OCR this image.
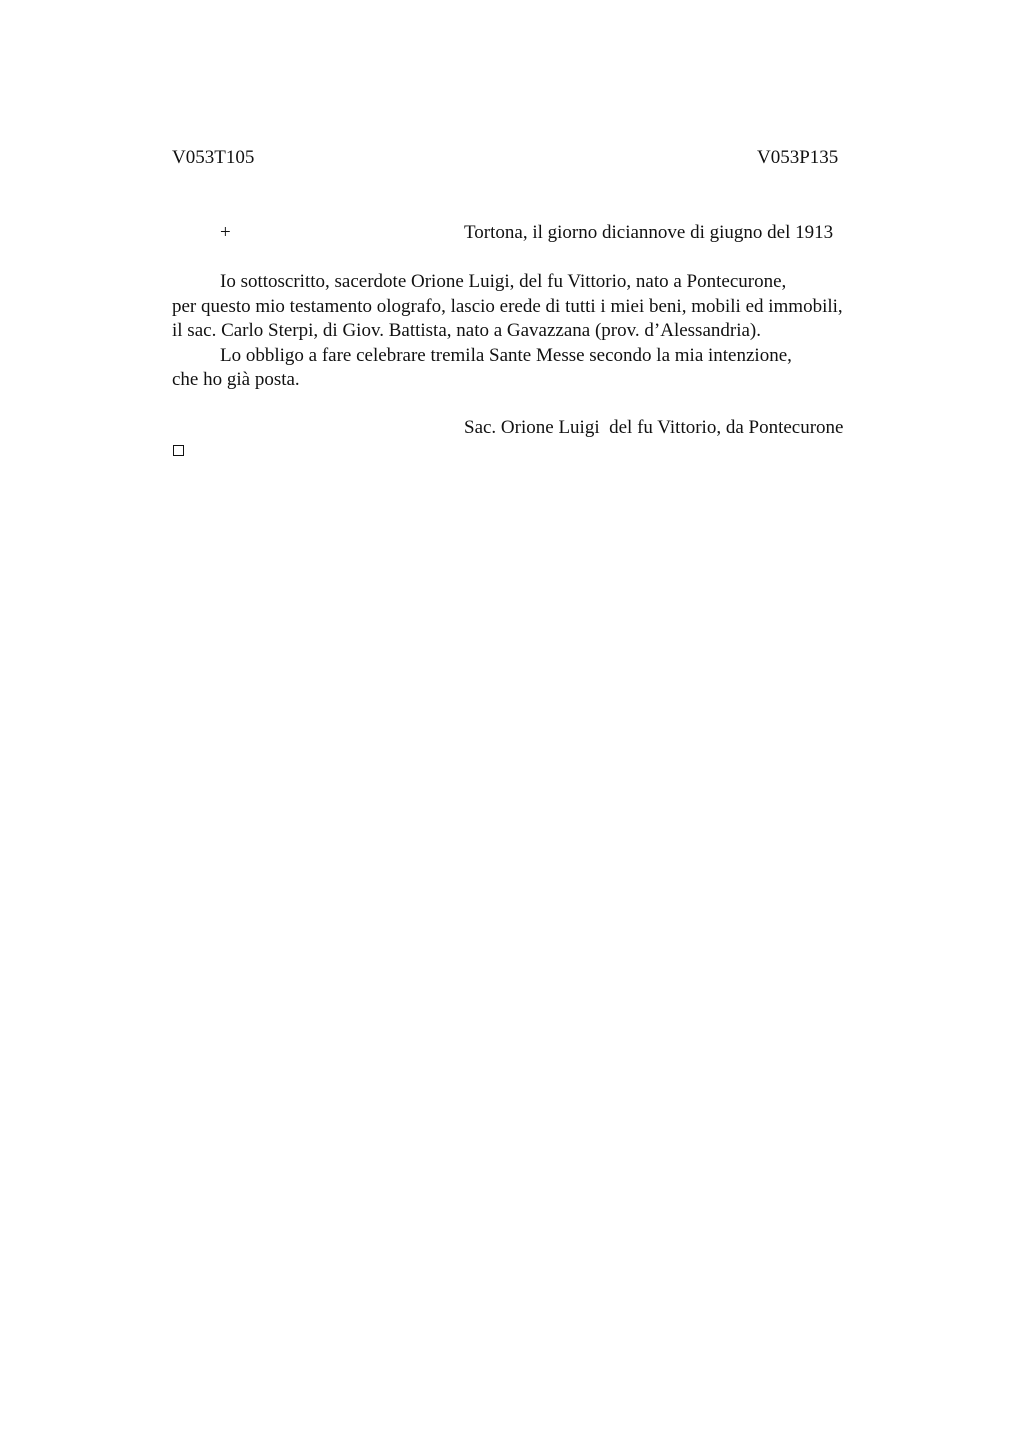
V053T105	V053P135
+	Tortona, il giorno diciannove di giugno del 1913
Io sottoscritto, sacerdote Orione Luigi, del fu Vittorio, nato a Pontecurone,
per questo mio testamento olografo, lascio erede di tutti i miei beni, mobili ed immobili,
il sac. Carlo Sterpi, di Giov. Battista, nato a Gavazzana (prov. d’Alessandria).
Lo obbligo a fare celebrare tremila Sante Messe secondo la mia intenzione,
che ho già posta.
Sac. Orione Luigi  del fu Vittorio, da Pontecurone
